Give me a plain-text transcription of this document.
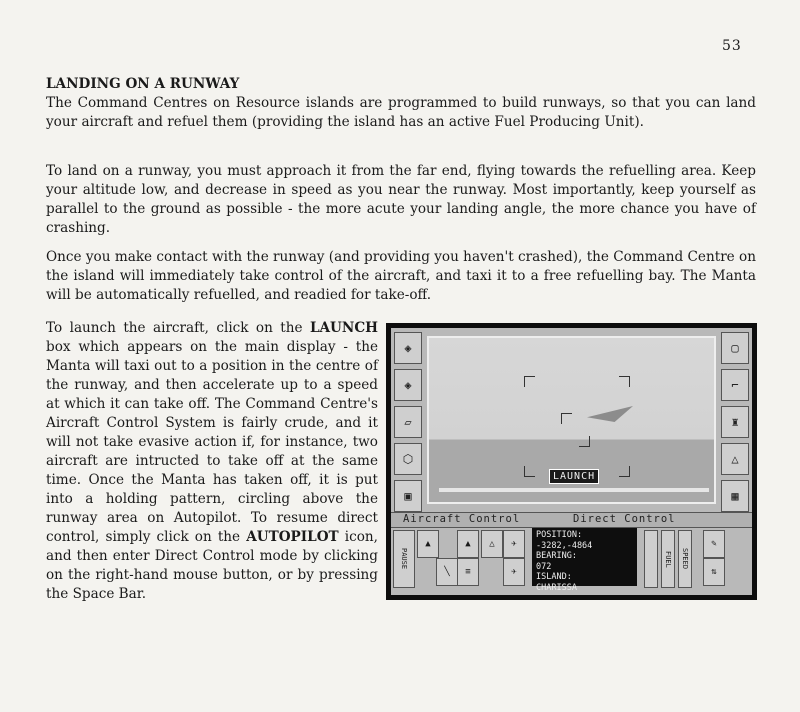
53
LANDING ON A RUNWAY
The Command Centres on Resource islands are programmed to build runways, so that you can land your aircraft and refuel them (providing the island has an active Fuel Producing Unit).
To land on a runway, you must approach it from the far end, flying towards the refuelling area. Keep your altitude low, and decrease in speed as you near the runway. Most importantly, keep yourself as parallel to the ground as possible - the more acute your landing angle, the more chance you have of crashing.
Once you make contact with the runway (and providing you haven't crashed), the Command Centre on the island will immediately take control of the aircraft, and taxi it to a free refuelling bay. The Manta will be automatically refuelled, and readied for take-off.
To launch the aircraft, click on the LAUNCH box which appears on the main display - the Manta will taxi out to a position in the centre of the runway, and then accelerate up to a speed at which it can take off. The Command Centre's Aircraft Control System is fairly crude, and it will not take evasive action if, for instance, two aircraft are intructed to take off at the same time. Once the Manta has taken off, it is put into a holding pattern, circling above the runway area on Autopilot. To resume direct control, simply click on the AUTOPILOT icon, and then enter Direct Control mode by clicking on the right-hand mouse button, or by pressing the Space Bar.
◈
◈
▱
⬡
▣
▢
⌐
♜
△
▦
LAUNCH
Aircraft Control	Direct Control
PAUSE
▲
╲
▲
≡
△	✈
✈
POSITION:
-3282,-4864
BEARING:
072
ISLAND:
CHARISSA
FUEL	SPEED
✎
⇅
